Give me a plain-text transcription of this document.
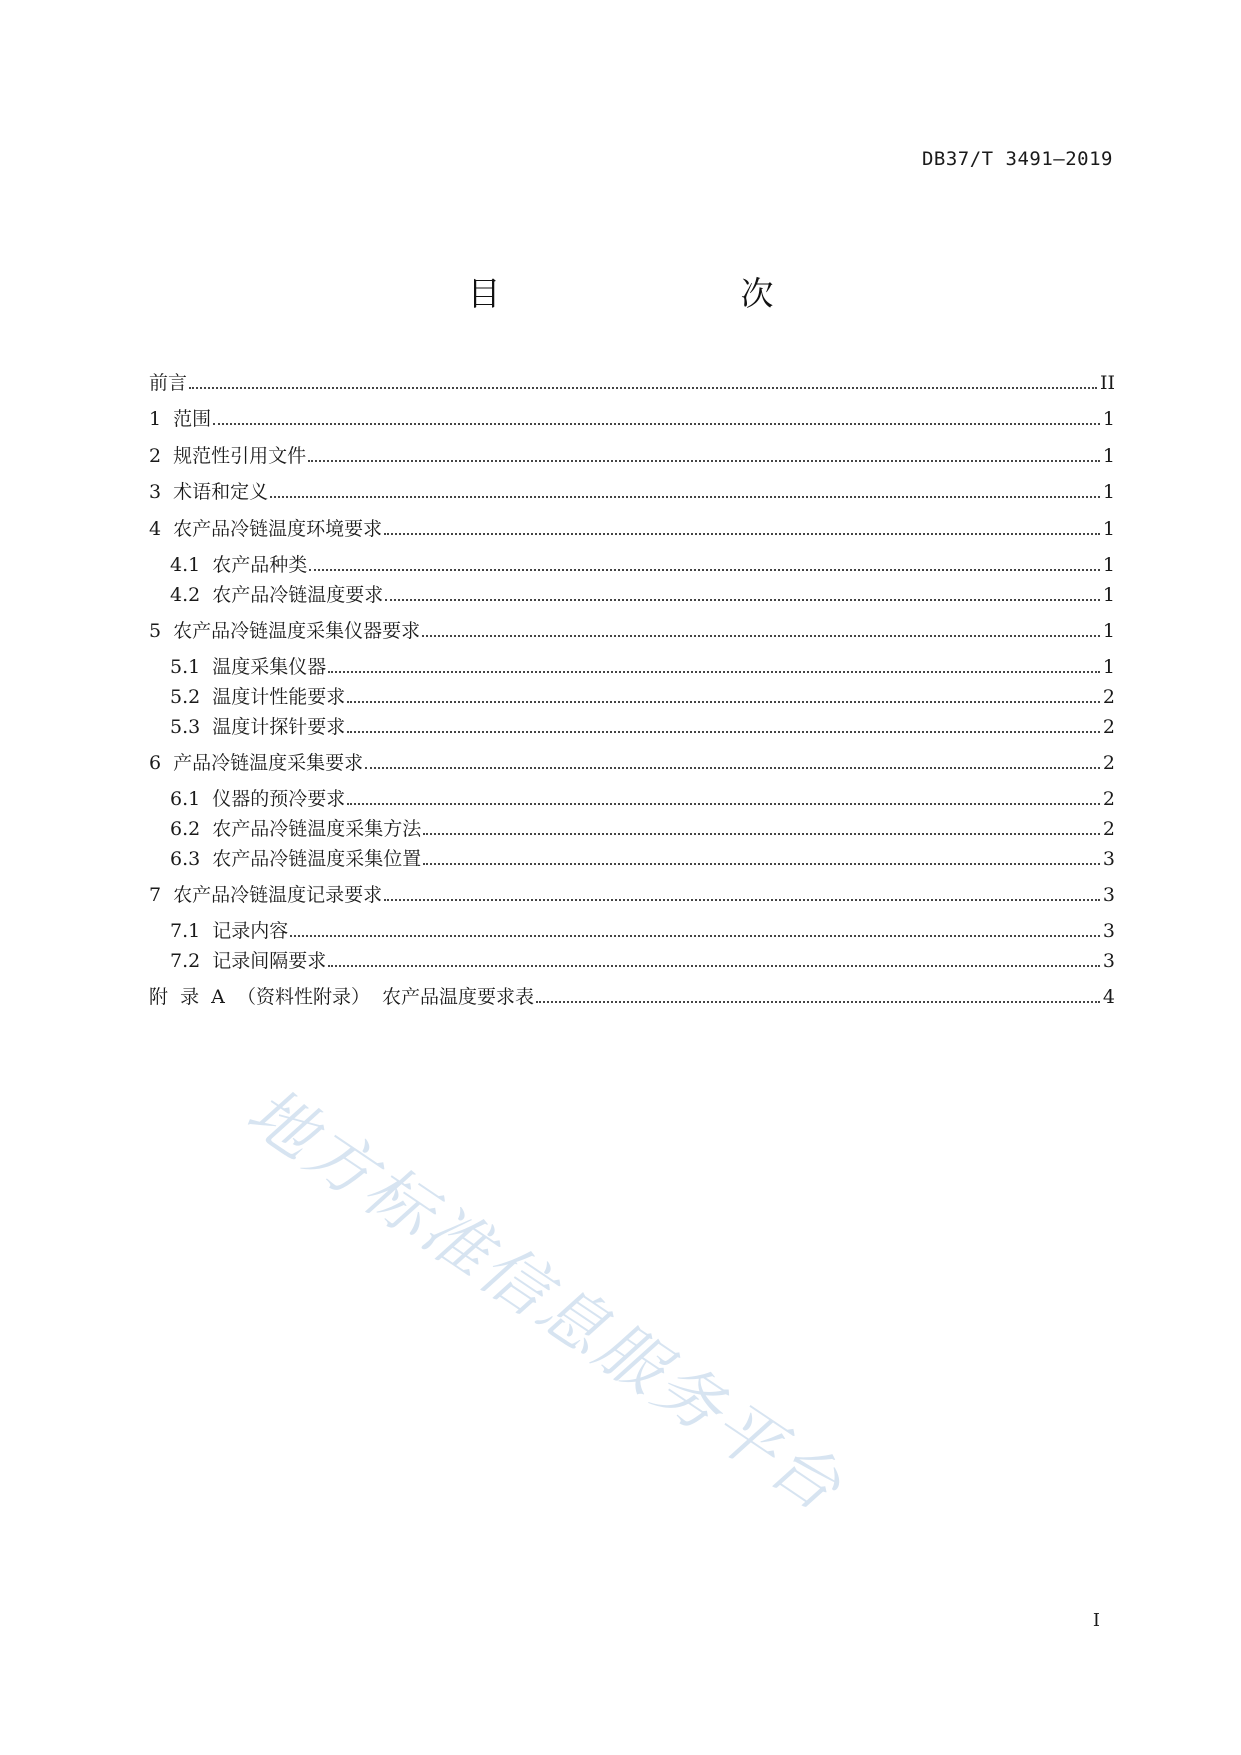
DB37/T 3491—2019
目　　次
前言	II
1  范围	1
2  规范性引用文件	1
3  术语和定义	1
4  农产品冷链温度环境要求	1
4.1  农产品种类	1
4.2  农产品冷链温度要求	1
5  农产品冷链温度采集仪器要求	1
5.1  温度采集仪器	1
5.2  温度计性能要求	2
5.3  温度计探针要求	2
6  产品冷链温度采集要求	2
6.1  仪器的预冷要求	2
6.2  农产品冷链温度采集方法	2
6.3  农产品冷链温度采集位置	3
7  农产品冷链温度记录要求	3
7.1  记录内容	3
7.2  记录间隔要求	3
附  录  A  （资料性附录）  农产品温度要求表	4
地方标准信息服务平台
I
